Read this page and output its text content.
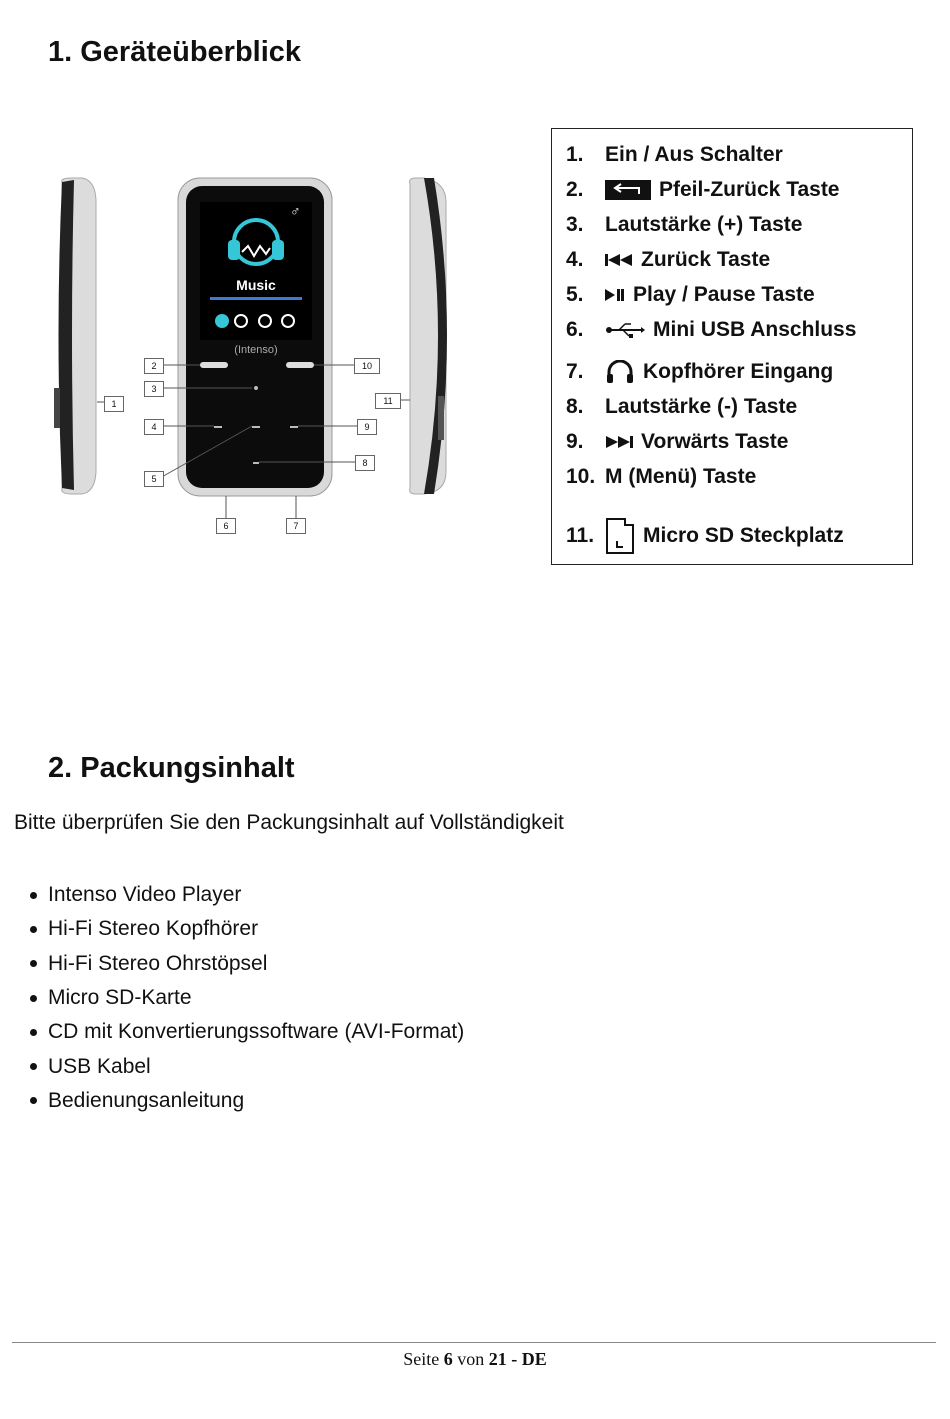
1. Geräteüberblick
♂
Music
(Intenso)
1
2
3
4
5
6	7
8
9
10
11
1.	Ein / Aus Schalter
2.	Pfeil-Zurück Taste
3.	Lautstärke (+) Taste
4.	Zurück Taste
5.	Play / Pause Taste
6.	Mini USB Anschluss
7.	Kopfhörer Eingang
8.	Lautstärke (-) Taste
9.	Vorwärts Taste
10. M (Menü) Taste
11.	Micro SD Steckplatz
2. Packungsinhalt

Bitte überprüfen Sie den Packungsinhalt auf Vollständigkeit

Intenso Video Player
Hi-Fi Stereo Kopfhörer
Hi-Fi Stereo Ohrstöpsel
Micro SD-Karte
CD mit Konvertierungssoftware (AVI-Format)
USB Kabel
Bedienungsanleitung
Seite 6 von 21 - DE
